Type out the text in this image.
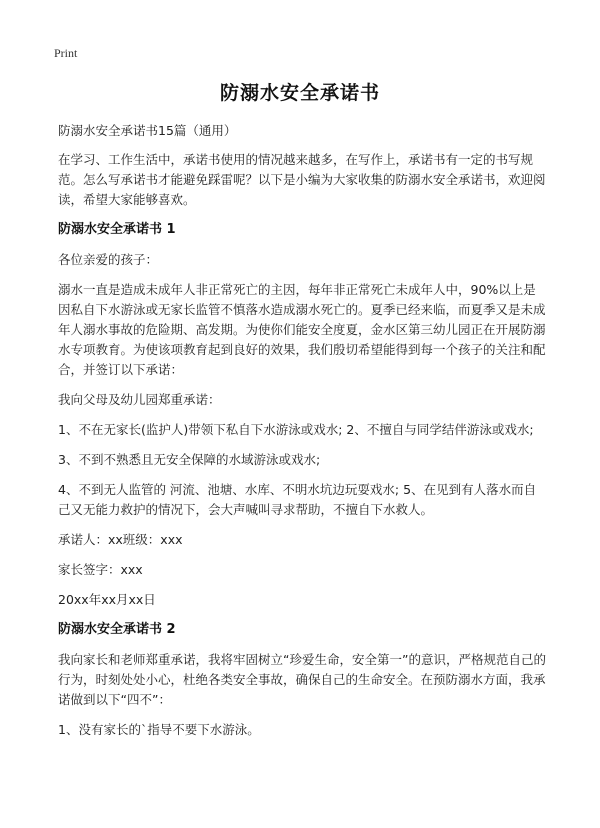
Print
防溺水安全承诺书

防溺水安全承诺书15篇（通用）

在学习、工作生活中，承诺书使用的情况越来越多，在写作上，承诺书有一定的书写规范。怎么写承诺书才能避免踩雷呢？以下是小编为大家收集的防溺水安全承诺书，欢迎阅读，希望大家能够喜欢。

防溺水安全承诺书 1

各位亲爱的孩子：

溺水一直是造成未成年人非正常死亡的主因，每年非正常死亡未成年人中，90%以上是因私自下水游泳或无家长监管不慎落水造成溺水死亡的。夏季已经来临，而夏季又是未成年人溺水事故的危险期、高发期。为使你们能安全度夏，金水区第三幼儿园正在开展防溺水专项教育。为使该项教育起到良好的效果，我们殷切希望能得到每一个孩子的关注和配合，并签订以下承诺：

我向父母及幼儿园郑重承诺：

1、不在无家长(监护人)带领下私自下水游泳或戏水; 2、不擅自与同学结伴游泳或戏水;

3、不到不熟悉且无安全保障的水域游泳或戏水;

4、不到无人监管的 河流、池塘、水库、不明水坑边玩耍戏水; 5、在见到有人落水而自己又无能力救护的情况下，会大声喊叫寻求帮助，不擅自下水救人。

承诺人：xx班级：xxx

家长签字：xxx

20xx年xx月xx日

防溺水安全承诺书 2

我向家长和老师郑重承诺，我将牢固树立“珍爱生命，安全第一”的意识，严格规范自己的行为，时刻处处小心，杜绝各类安全事故，确保自己的生命安全。在预防溺水方面，我承诺做到以下“四不”：

1、没有家长的`指导不要下水游泳。
